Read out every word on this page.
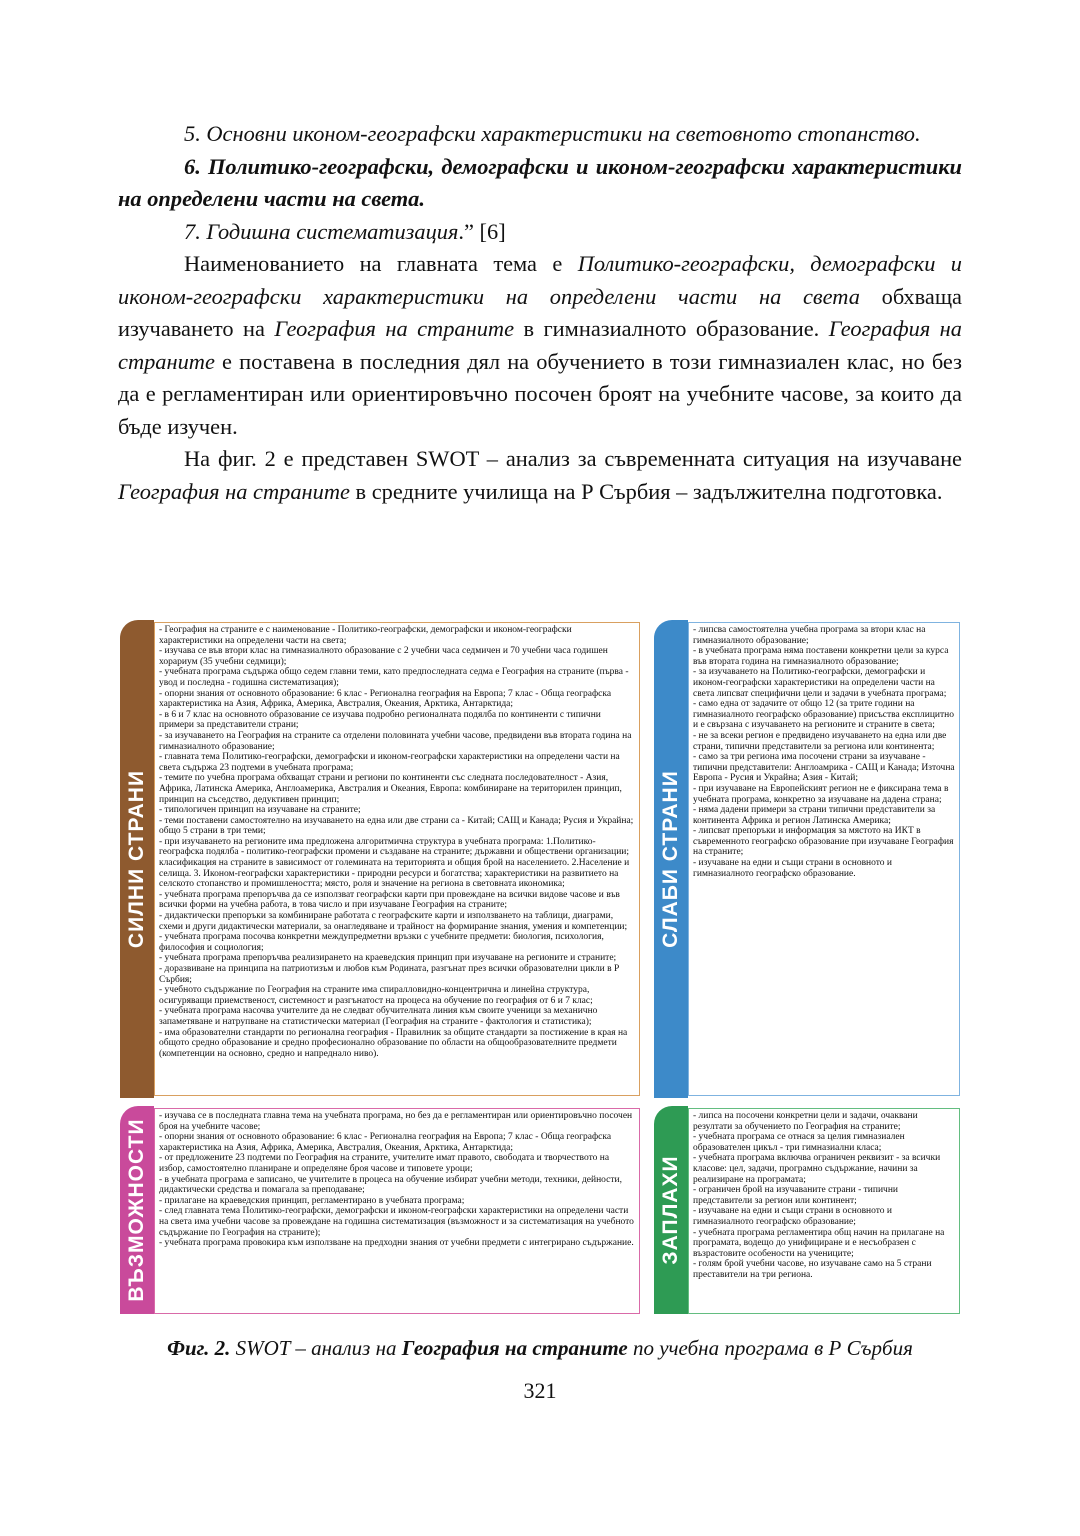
5. Основни иконом-географски характеристики на световното стопанство.

6. Политико-географски, демографски и иконом-географски характеристики на определени части на света.

7. Годишна систематизация.” [6]

Наименованието на главната тема е Политико-географски, демографски и иконом-географски характеристики на определени части на света обхваща изучаването на География на страните в гимназиалното образование. География на страните е поставена в последния дял на обучението в този гимназиален клас, но без да е регламентиран или ориентировъчно посочен броят на учебните часове, за които да бъде изучен.

На фиг. 2 е представен SWOT – анализ за съвременната ситуация на изучаване География на страните в средните училища на Р Сърбия – задължителна подготовка.

СИЛНИ СТРАНИ
- География на страните е с наименование - Политико-географски, демографски и иконом-географски характеристики на определени части на света;
- изучава се във втори клас на гимназиалното образование с 2 учебни часа седмичен и 70 учебни часа годишен хорариум (35 учебни седмици);
- учебната програма съдържа общо седем главни теми, като предпоследната седма е География на страните (първа - увод и последна - годишна систематизация);
- опорни знания от основното образование: 6 клас - Регионална география на Европа; 7 клас - Обща географска характеристика на Азия, Африка, Америка, Австралия, Океания, Арктика, Антарктида;
- в 6 и 7 клас на основното образование се изучава подробно регионалната подялба по континенти с типични примери за представители страни;
- за изучаването на География на страните са отделени половината учебни часове, предвидени във втората година на гимназиалното образование;
- главната тема Политико-географски, демографски и иконом-географски характеристики на определени части на света съдържа 23 подтеми в учебната програма;
- темите по учебна програма обхващат страни и региони по континенти със следната последователност - Азия, Африка, Латинска Америка, Англоамерика, Австралия и Океания, Европа: комбиниране на територилен принцип, принцип на съседство, дедуктивен принцип;
- типологичен принцип на изучаване на страните;
- теми поставени самостоятелно на изучаването на една или две страни са - Китай; САЩ и Канада; Русия и Украйна; общо 5 страни в три теми;
- при изучаването на регионите има предложена алгоритмична структура в учебната програма: 1.Политико-географска подялба - политико-географски промени и създаване на страните; държавни и обществени организации; класификация на страните в зависимост от големината на територията и общия брой на населението. 2.Население и селища. 3. Иконом-географски характеристики - природни ресурси и богатства; характеристики на развитието на селското стопанство и промишлеността; място, роля и значение на региона в световната икономика;
- учебната програма препоръчва да се използват географски карти при провеждане на всички видове часове и във всички форми на учебна работа, в това число и при изучаване География на страните;
- дидактически препоръки за комбиниране работата с географските карти и използването на таблици, диаграми, схеми и други дидактически материали, за онагледяване и трайност на формирание знания, умения и компетенции;
- учебната програма посочва конкретни междупредметни връзки с учебните предмети: биология, психология, философия и социология;
- учебната програма препоръчва реализирането на краеведския принцип при изучаване на регионите и страните;
- доразвиване на принципа на патриотизъм и любов към Родината, разгънат през всички образователни цикли в Р Сърбия;
- учебното съдържание по География на страните има спиралловидно-концентрична и линейна структура, осигуряващи приемственост, системност и разгънатост на процеса на обучение по география от 6 и 7 клас;
- учебната програма насочва учителите да не следват обучителната линия към своите ученици за механично запаметяване и натрупване на статистически материал (География на страните - фактология и статистика);
- има образователни стандарти по регионална география - Правилник за общите стандарти за постижение в края на общото средно образование и средно професионално образование по области на общообразователните предмети (компетенции на основно, средно и напреднало ниво).
СЛАБИ СТРАНИ
- липсва самостоятелна учебна програма за втори клас на гимназиалното образование;
- в учебната програма няма поставени конкретни цели за курса във втората година на гимназиалното образование;
- за изучаването на Политико-географски, демографски и иконом-географски характеристики на определени части на света липсват специфични цели и задачи в учебната програма;
- само една от задачите от общо 12 (за трите години на гимназиалното географско образование) присъства експлицитно и е свързана с изучаването на регионите и страните в света;
- не за всеки регион е предвидено изучаването на една или две страни, типични представители за региона или континента;
- само за три региона има посочени страни за изучаване - типични представители: Англоамрика - САЩ и Канада; Източна Европа - Русия и Украйна; Азия - Китай;
- при изучаване на Европейският регион не е фиксирана тема в учебната програма, конкретно за изучаване на дадена страна;
- няма дадени примери за страни типични представители за континента Африка и регион Латинска Америка;
- липсват препоръки и информация за мястото на ИКТ в съвременното географско образование при изучаване География на страните;
- изучаване на едни и същи страни в основното и гимназиалното географско образование.
ВЪЗМОЖНОСТИ
- изучава се в последната главна тема на учебната програма, но без да е регламентиран или ориентировъчно посочен броя на учебните часове;
- опорни знания от основното образование: 6 клас - Регионална география на Европа; 7 клас - Обща географска характеристика на Азия, Африка, Америка, Австралия, Океания, Арктика, Антарктида;
- от предложените 23 подтеми по География на страните, учителите имат правото, свободата и творчеството на избор, самостоятелно планиране и определяне броя часове и типовете уроци;
- в учебната програма е записано, че учителите в процеса на обучение избират учебни методи, техники, дейности, дидактически средства и помагала за преподаване;
- прилагане на краеведския принцип, регламентирано в учебната програма;
- след главната тема Политико-географски, демографски и иконом-географски характеристики на определени части на света има учебни часове за провеждане на годишна систематизация (възможност и за систематизация на учебното съдържание по География на страните);
- учебната програма провокира към използване на предходни знания от учебни предмети с интегрирано съдържание. ЗАПЛАХИ
- липса на посочени конкретни цели и задачи, очаквани резултати за обучението по География на страните;
- учебната програма се отнася за целия гимназиален образователен цикъл - три гимназиални класа;
- учебната програма включва ограничен реквизит - за всички класове: цел, задачи, програмно съдържание, начини за реализиране на програмата;
- ограничен брой на изучаваните страни - типични представители за регион или континент;
- изучаване на едни и същи страни в основното и гимназиалното географско образование;
- учебната програма регламентира общ начин на прилагане на програмата, водещо до унифициране и е несъобразен с възрастовите особености на учениците;
- голям брой учебни часове, но изучаване само на 5 страни преставители на три региона.
Фиг. 2. SWOT – анализ на География на страните по учебна програма в Р Сърбия
321
